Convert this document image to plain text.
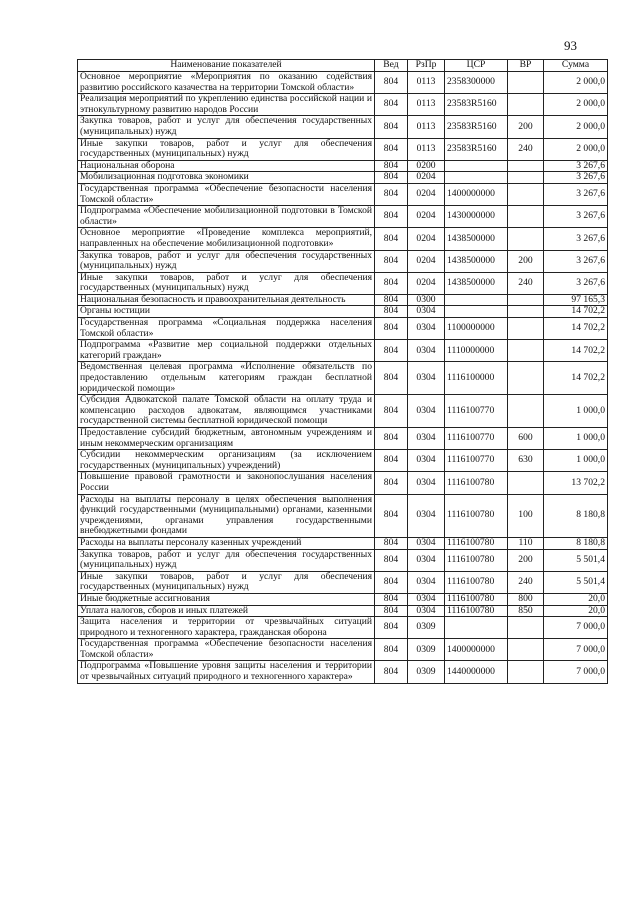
93
Наименование показателей	Вед	РзПр	ЦСР	ВР	Сумма
Основное мероприятие «Мероприятия по оказанию содействия развитию российского казачества на территории Томской области»	804	0113	2358300000		2 000,0
Реализация мероприятий по укреплению единства российской нации и этнокультурному развитию народов России	804	0113	23583R5160		2 000,0
Закупка товаров, работ и услуг для обеспечения государственных (муниципальных) нужд	804	0113	23583R5160	200	2 000,0
Иные закупки товаров, работ и услуг для обеспечения государственных (муниципальных) нужд	804	0113	23583R5160	240	2 000,0
Национальная оборона	804	0200			3 267,6
Мобилизационная подготовка экономики	804	0204			3 267,6
Государственная программа «Обеспечение безопасности населения Томской области»	804	0204	1400000000		3 267,6
Подпрограмма «Обеспечение мобилизационной подготовки в Томской области»	804	0204	1430000000		3 267,6
Основное мероприятие «Проведение комплекса мероприятий, направленных на обеспечение мобилизационной подготовки»	804	0204	1438500000		3 267,6
Закупка товаров, работ и услуг для обеспечения государственных (муниципальных) нужд	804	0204	1438500000	200	3 267,6
Иные закупки товаров, работ и услуг для обеспечения государственных (муниципальных) нужд	804	0204	1438500000	240	3 267,6
Национальная безопасность и правоохранительная деятельность	804	0300			97 165,3
Органы юстиции	804	0304			14 702,2
Государственная программа «Социальная поддержка населения Томской области»	804	0304	1100000000		14 702,2
Подпрограмма «Развитие мер социальной поддержки отдельных категорий граждан»	804	0304	1110000000		14 702,2
Ведомственная целевая программа «Исполнение обязательств по предоставлению отдельным категориям граждан бесплатной юридической помощи»	804	0304	1116100000		14 702,2
Субсидия Адвокатской палате Томской области на оплату труда и компенсацию расходов адвокатам, являющимся участниками государственной системы бесплатной юридической помощи	804	0304	1116100770		1 000,0
Предоставление субсидий бюджетным, автономным учреждениям и иным некоммерческим организациям	804	0304	1116100770	600	1 000,0
Субсидии некоммерческим организациям (за исключением государственных (муниципальных) учреждений)	804	0304	1116100770	630	1 000,0
Повышение правовой грамотности и законопослушания населения России	804	0304	1116100780		13 702,2
Расходы на выплаты персоналу в целях обеспечения выполнения функций государственными (муниципальными) органами, казенными учреждениями, органами управления государственными внебюджетными фондами	804	0304	1116100780	100	8 180,8
Расходы на выплаты персоналу казенных учреждений	804	0304	1116100780	110	8 180,8
Закупка товаров, работ и услуг для обеспечения государственных (муниципальных) нужд	804	0304	1116100780	200	5 501,4
Иные закупки товаров, работ и услуг для обеспечения государственных (муниципальных) нужд	804	0304	1116100780	240	5 501,4
Иные бюджетные ассигнования	804	0304	1116100780	800	20,0
Уплата налогов, сборов и иных платежей	804	0304	1116100780	850	20,0
Защита населения и территории от чрезвычайных ситуаций природного и техногенного характера, гражданская оборона	804	0309			7 000,0
Государственная программа «Обеспечение безопасности населения Томской области»	804	0309	1400000000		7 000,0
Подпрограмма «Повышение уровня защиты населения и территории от чрезвычайных ситуаций природного и техногенного характера»	804	0309	1440000000		7 000,0
